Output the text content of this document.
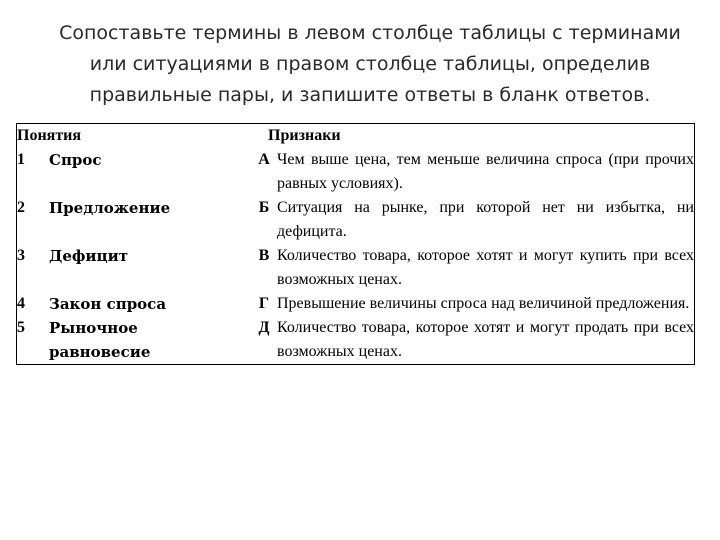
Сопоставьте термины в левом столбце таблицы с терминами
или ситуациями в правом столбце таблицы, определив
правильные пары, и запишите ответы в бланк ответов.
Понятия			Признаки	
1	Спрос		А	Чем выше цена, тем меньше величина спроса (при прочих равных условиях).
2	Предложение		Б	Ситуация на рынке, при которой нет ни избытка, ни дефицита.
3	Дефицит		В	Количество товара, которое хотят и могут купить при всех возможных ценах.
4	Закон спроса		Г	Превышение величины спроса над величиной предложения.
5	Рыночное равновесие		Д	Количество товара, которое хотят и могут продать при всех возможных ценах.
